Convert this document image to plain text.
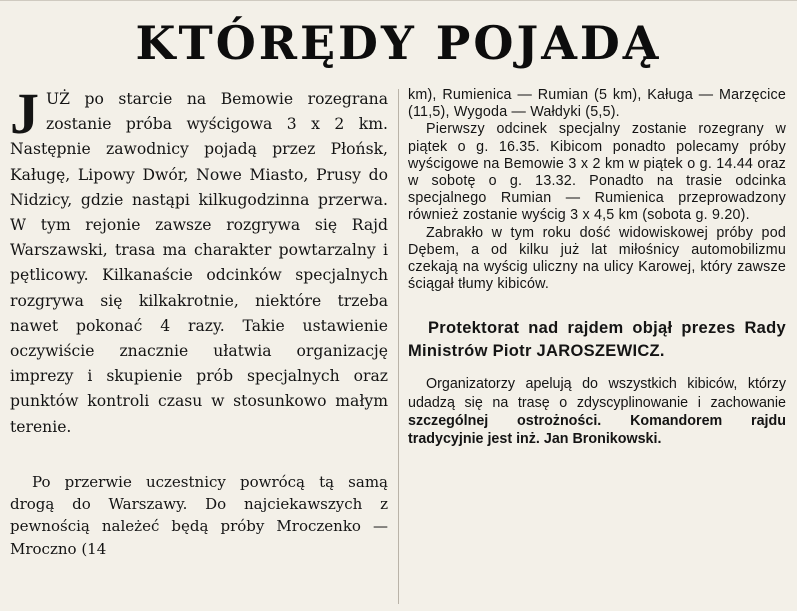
KTÓRĘDY POJADĄ

JUŻ po starcie na Bemowie rozegrana zostanie próba wyścigowa 3 x 2 km. Następnie zawodnicy pojadą przez Płońsk, Kaługę, Lipowy Dwór, Nowe Miasto, Prusy do Nidzicy, gdzie nastąpi kilkugodzinna przerwa. W tym rejonie zawsze rozgrywa się Rajd Warszawski, trasa ma charakter powtarzalny i pętlicowy. Kilkanaście odcinków specjalnych rozgrywa się kilkakrotnie, niektóre trzeba nawet pokonać 4 razy. Takie ustawienie oczywiście znacznie ułatwia organizację imprezy i skupienie prób specjalnych oraz punktów kontroli czasu w stosunkowo małym terenie.

Po przerwie uczestnicy powrócą tą samą drogą do Warszawy. Do najciekawszych z pewnością należeć będą próby Mroczenko — Mroczno (14

km), Rumienica — Rumian (5 km), Kaługa — Marzęcice (11,5), Wygoda — Wałdyki (5,5).

Pierwszy odcinek specjalny zostanie rozegrany w piątek o g. 16.35. Kibicom ponadto polecamy próby wyścigowe na Bemowie 3 x 2 km w piątek o g. 14.44 oraz w sobotę o g. 13.32. Ponadto na trasie odcinka specjalnego Rumian — Rumienica przeprowadzony również zostanie wyścig 3 x 4,5 km (sobota g. 9.20).

Zabrakło w tym roku dość widowiskowej próby pod Dębem, a od kilku już lat miłośnicy automobilizmu czekają na wyścig uliczny na ulicy Karowej, który zawsze ściągał tłumy kibiców.

Protektorat nad rajdem objął prezes Rady Ministrów Piotr JAROSZEWICZ.

Organizatorzy apelują do wszystkich kibiców, którzy udadzą się na trasę o zdyscyplinowanie i zachowanie szczególnej ostrożności. Komandorem rajdu tradycyjnie jest inż. Jan Bronikowski.
